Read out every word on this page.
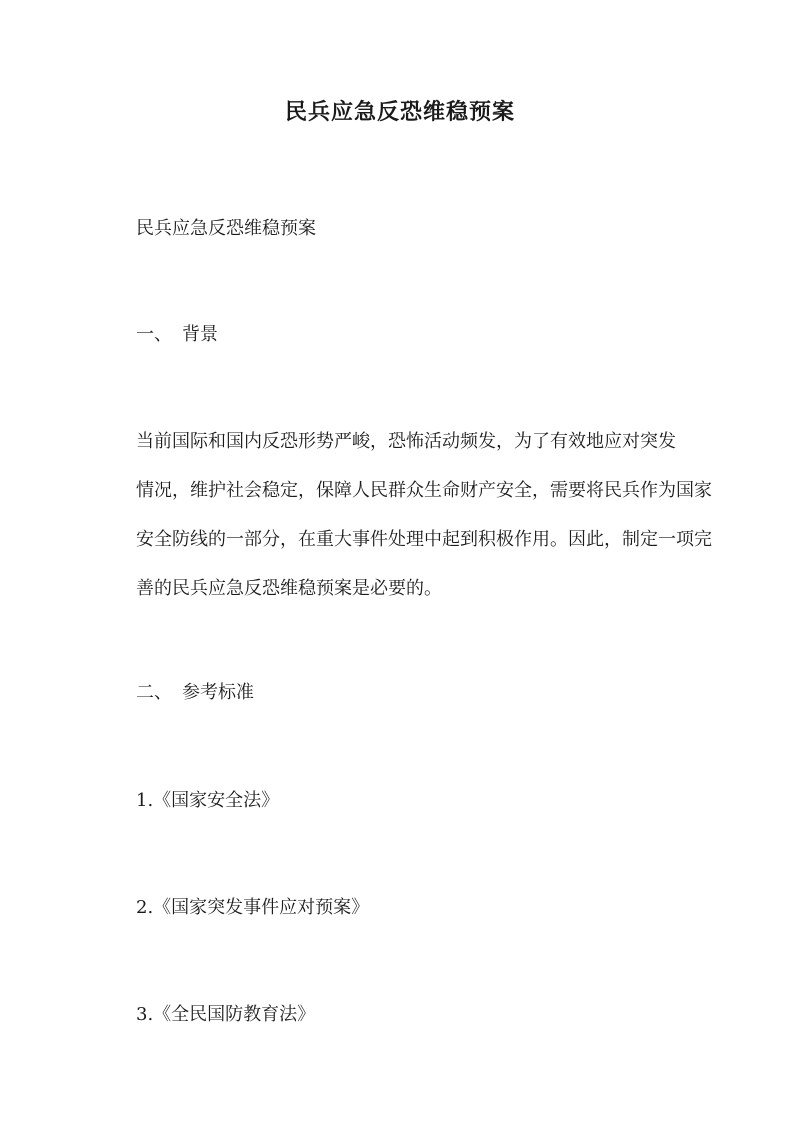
民兵应急反恐维稳预案

民兵应急反恐维稳预案

一、 背景

当前国际和国内反恐形势严峻，恐怖活动频发，为了有效地应对突发
情况，维护社会稳定，保障人民群众生命财产安全，需要将民兵作为国家
安全防线的一部分，在重大事件处理中起到积极作用。因此，制定一项完
善的民兵应急反恐维稳预案是必要的。

二、 参考标准

1.《国家安全法》

2.《国家突发事件应对预案》

3.《全民国防教育法》
